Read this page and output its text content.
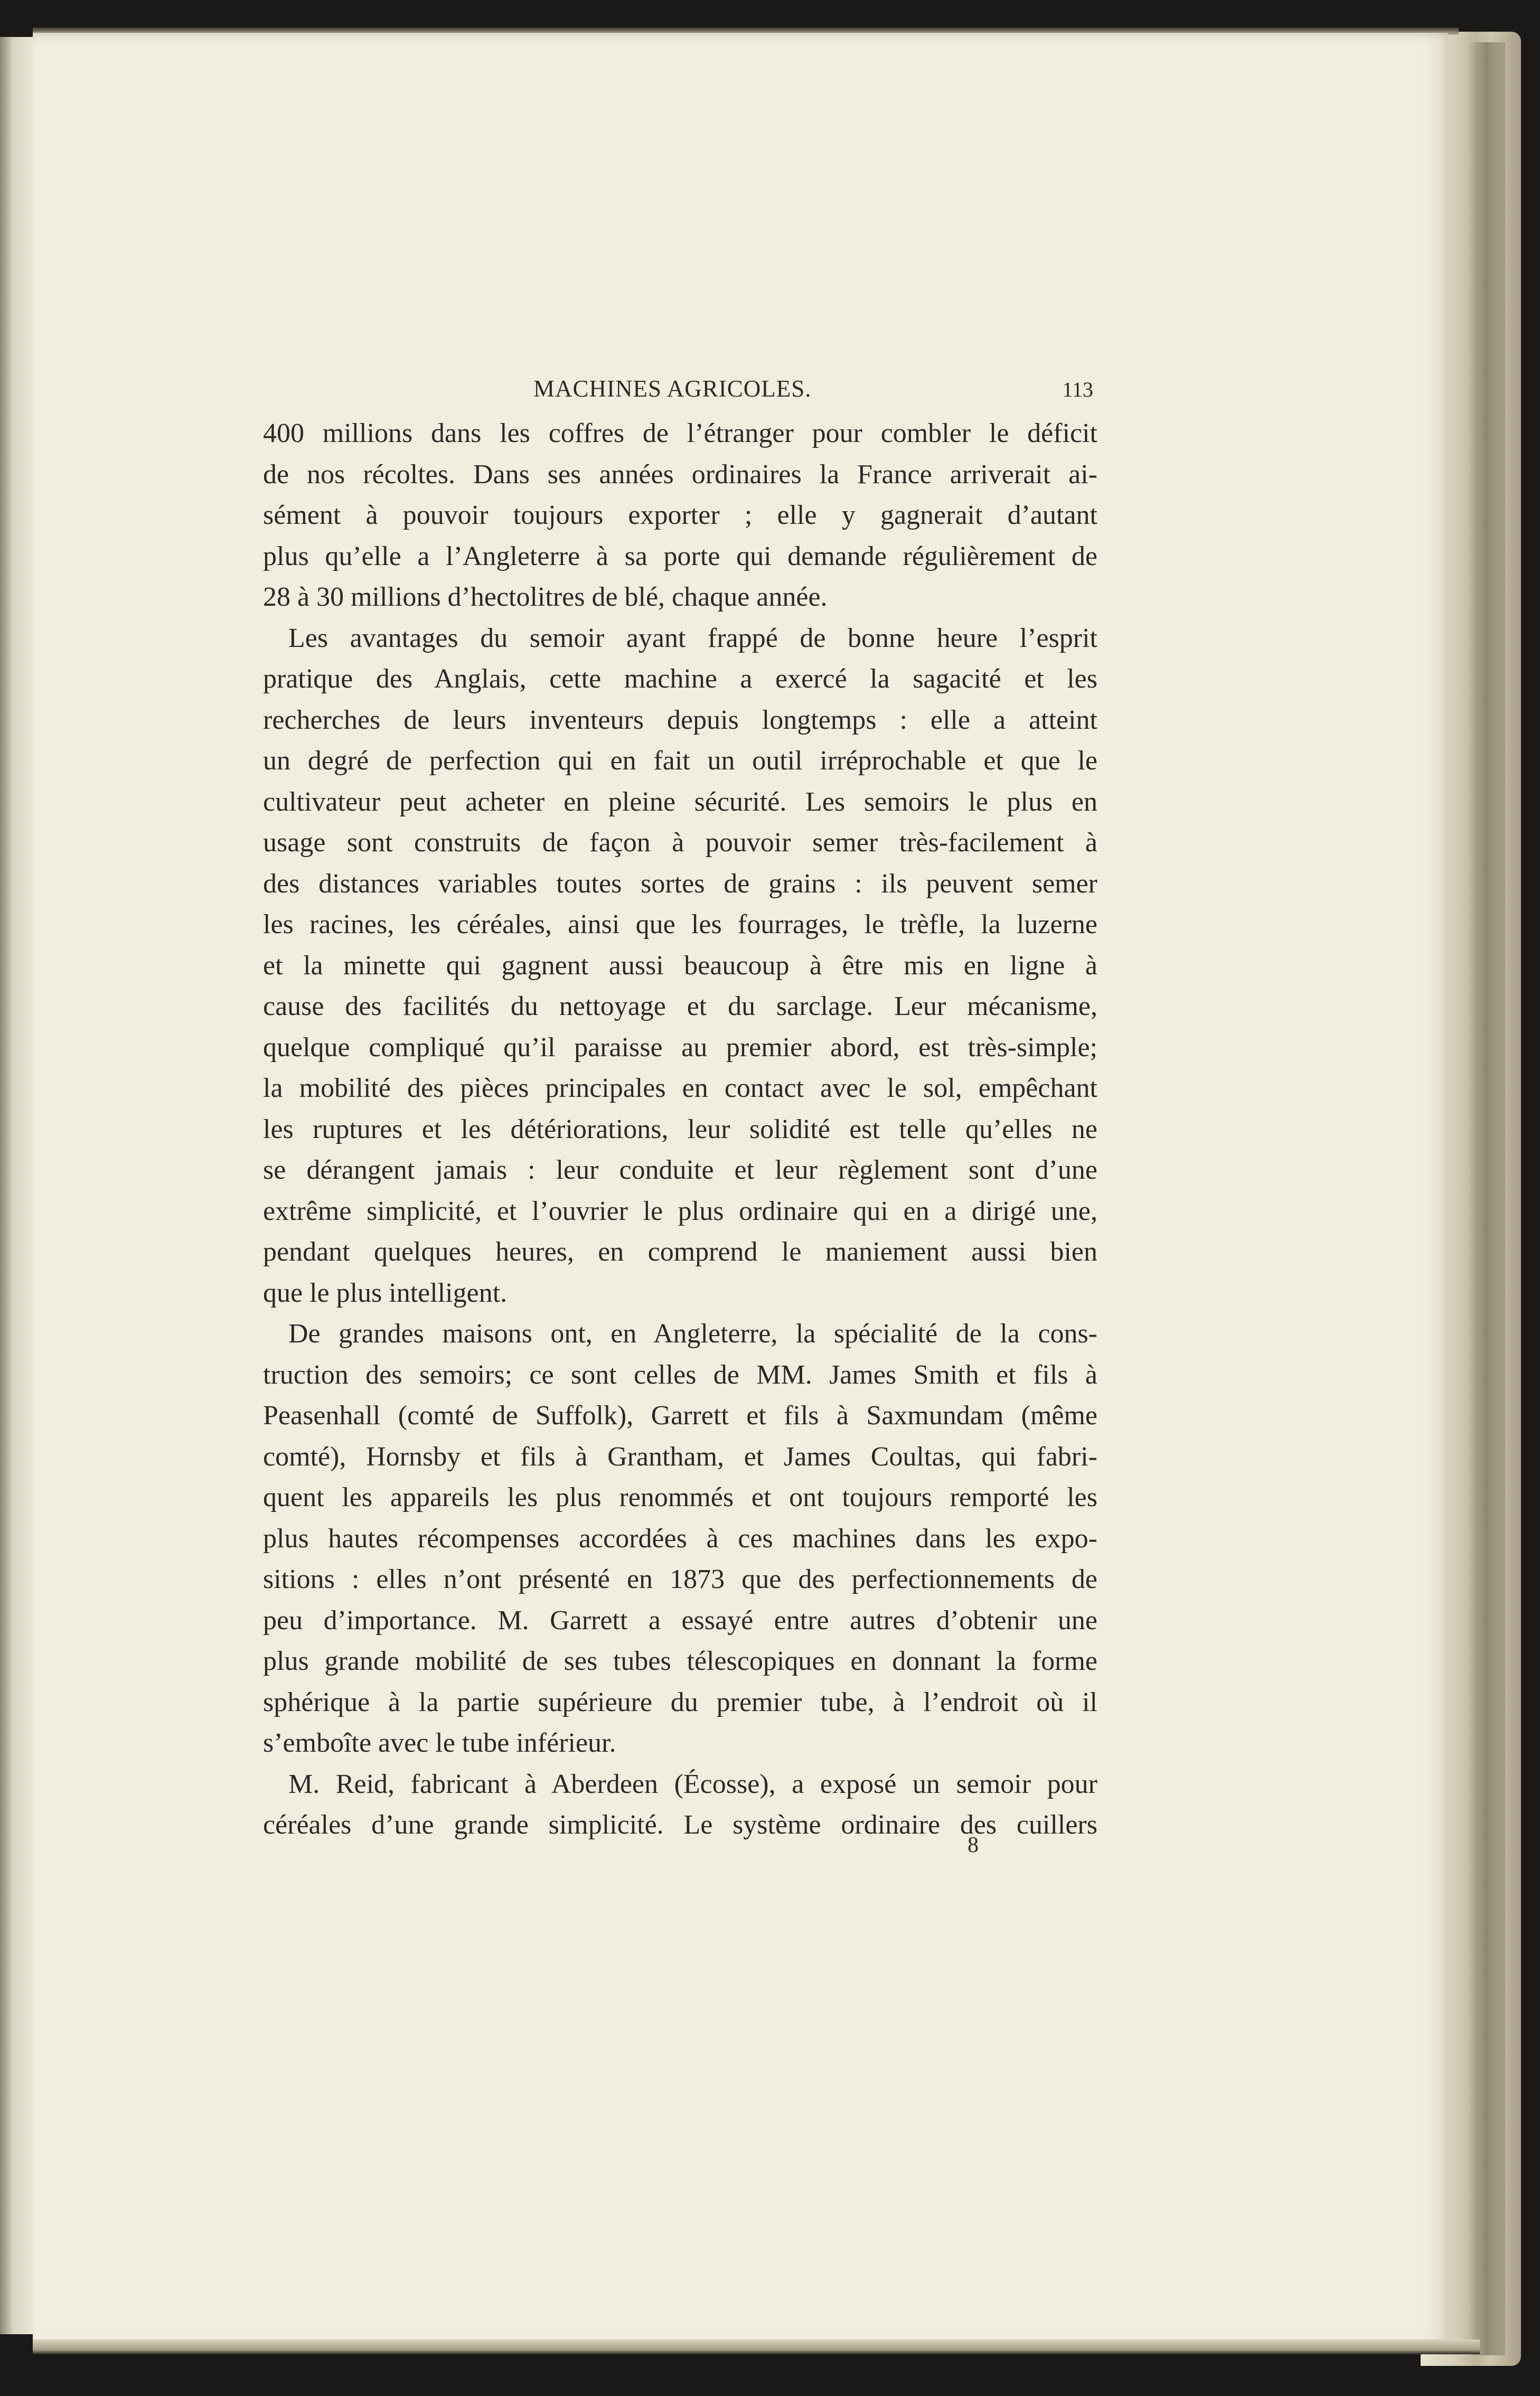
MACHINES AGRICOLES.	113
400 millions dans les coffres de l’étranger pour combler le déficit
de nos récoltes. Dans ses années ordinaires la France arriverait ai-
sément à pouvoir toujours exporter ; elle y gagnerait d’autant
plus qu’elle a l’Angleterre à sa porte qui demande régulièrement de
28 à 30 millions d’hectolitres de blé, chaque année.
Les avantages du semoir ayant frappé de bonne heure l’esprit
pratique des Anglais, cette machine a exercé la sagacité et les
recherches de leurs inventeurs depuis longtemps : elle a atteint
un degré de perfection qui en fait un outil irréprochable et que le
cultivateur peut acheter en pleine sécurité. Les semoirs le plus en
usage sont construits de façon à pouvoir semer très-facilement à
des distances variables toutes sortes de grains : ils peuvent semer
les racines, les céréales, ainsi que les fourrages, le trèfle, la luzerne
et la minette qui gagnent aussi beaucoup à être mis en ligne à
cause des facilités du nettoyage et du sarclage. Leur mécanisme,
quelque compliqué qu’il paraisse au premier abord, est très-simple;
la mobilité des pièces principales en contact avec le sol, empêchant
les ruptures et les détériorations, leur solidité est telle qu’elles ne
se dérangent jamais : leur conduite et leur règlement sont d’une
extrême simplicité, et l’ouvrier le plus ordinaire qui en a dirigé une,
pendant quelques heures, en comprend le maniement aussi bien
que le plus intelligent.
De grandes maisons ont, en Angleterre, la spécialité de la cons-
truction des semoirs; ce sont celles de MM. James Smith et fils à
Peasenhall (comté de Suffolk), Garrett et fils à Saxmundam (même
comté), Hornsby et fils à Grantham, et James Coultas, qui fabri-
quent les appareils les plus renommés et ont toujours remporté les
plus hautes récompenses accordées à ces machines dans les expo-
sitions : elles n’ont présenté en 1873 que des perfectionnements de
peu d’importance. M. Garrett a essayé entre autres d’obtenir une
plus grande mobilité de ses tubes télescopiques en donnant la forme
sphérique à la partie supérieure du premier tube, à l’endroit où il
s’emboîte avec le tube inférieur.
M. Reid, fabricant à Aberdeen (Écosse), a exposé un semoir pour
céréales d’une grande simplicité. Le système ordinaire des cuillers
8
